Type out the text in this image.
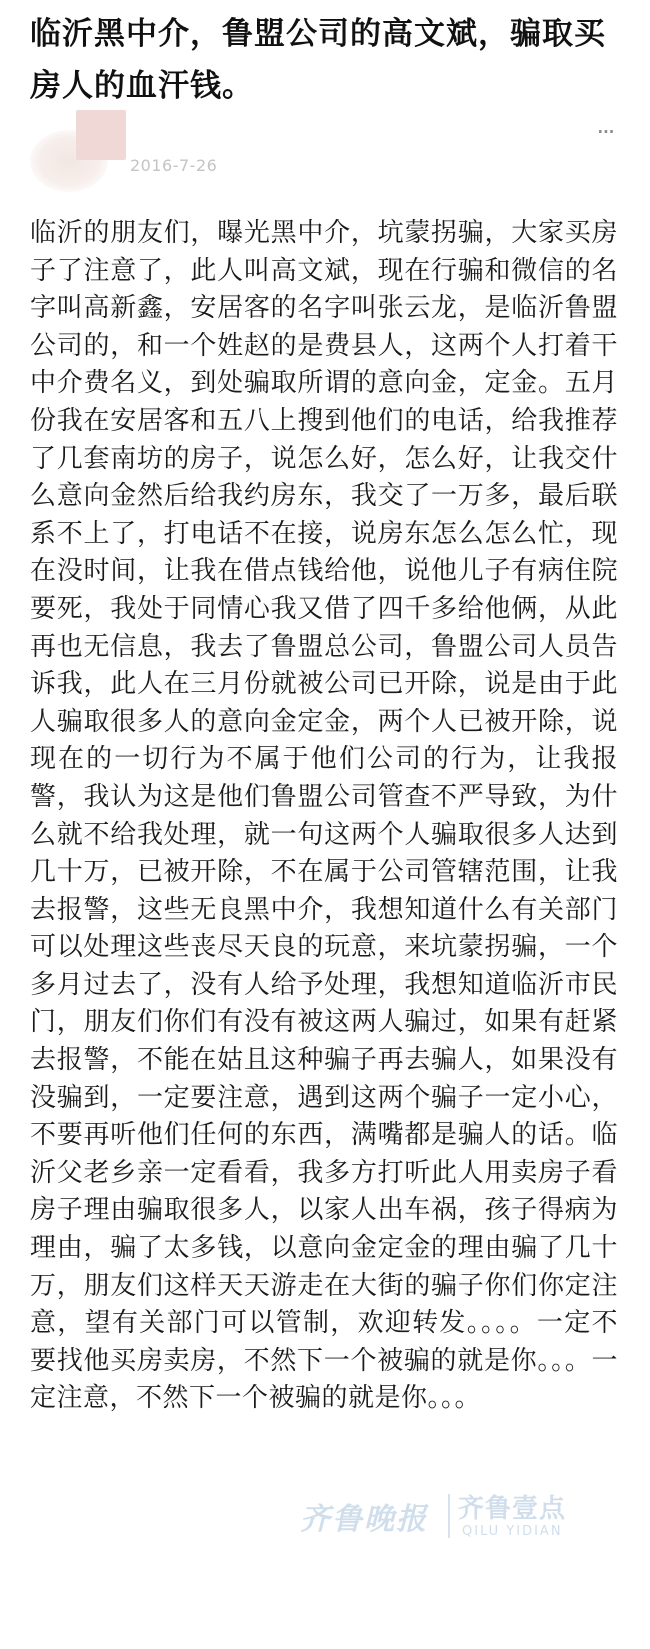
临沂黑中介，鲁盟公司的高文斌，骗取买房人的血汗钱。
2016-7-26
···
临沂的朋友们，曝光黑中介，坑蒙拐骗，大家买房子了注意了，此人叫高文斌，现在行骗和微信的名字叫高新鑫，安居客的名字叫张云龙，是临沂鲁盟公司的，和一个姓赵的是费县人，这两个人打着干中介费名义，到处骗取所谓的意向金，定金。五月份我在安居客和五八上搜到他们的电话，给我推荐了几套南坊的房子，说怎么好，怎么好，让我交什么意向金然后给我约房东，我交了一万多，最后联系不上了，打电话不在接，说房东怎么怎么忙，现在没时间，让我在借点钱给他，说他儿子有病住院要死，我处于同情心我又借了四千多给他俩，从此再也无信息，我去了鲁盟总公司，鲁盟公司人员告诉我，此人在三月份就被公司已开除，说是由于此人骗取很多人的意向金定金，两个人已被开除，说现在的一切行为不属于他们公司的行为，让我报警，我认为这是他们鲁盟公司管查不严导致，为什么就不给我处理，就一句这两个人骗取很多人达到几十万，已被开除，不在属于公司管辖范围，让我去报警，这些无良黑中介，我想知道什么有关部门可以处理这些丧尽天良的玩意，来坑蒙拐骗，一个多月过去了，没有人给予处理，我想知道临沂市民门，朋友们你们有没有被这两人骗过，如果有赶紧去报警，不能在姑且这种骗子再去骗人，如果没有没骗到，一定要注意，遇到这两个骗子一定小心，不要再听他们任何的东西，满嘴都是骗人的话。临沂父老乡亲一定看看，我多方打听此人用卖房子看房子理由骗取很多人，以家人出车祸，孩子得病为理由，骗了太多钱，以意向金定金的理由骗了几十万，朋友们这样天天游走在大街的骗子你们你定注意，望有关部门可以管制，欢迎转发。。。。一定不要找他买房卖房，不然下一个被骗的就是你。。。一定注意，不然下一个被骗的就是你。。。
齐鲁晚报 齐鲁壹点
QILU YIDIAN
